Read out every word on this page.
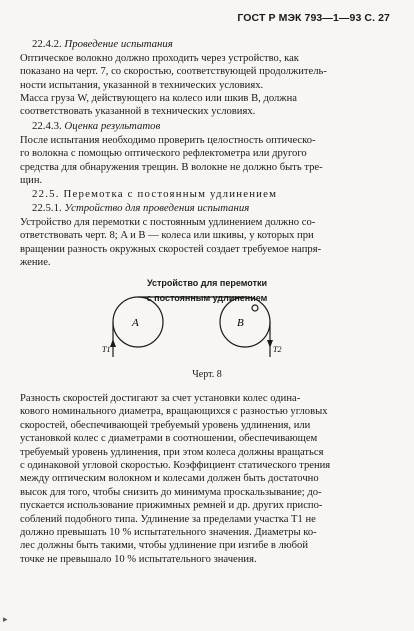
ГОСТ Р МЭК 793—1—93 С. 27

22.4.2. Проведение испытания

Оптическое волокно должно проходить через устройство, как
показано на черт. 7, со скоростью, соответствующей продолжитель-
ности испытания, указанной в технических условиях.

Масса груза W, действующего на колесо или шкив B, должна
соответствовать указанной в технических условиях.

22.4.3. Оценка результатов

После испытания необходимо проверить целостность оптическо-
го волокна с помощью оптического рефлектометра или другого
средства для обнаружения трещин. В волокне не должно быть тре-
щин.

22.5. Перемотка с постоянным удлинением

22.5.1. Устройство для проведения испытания

Устройство для перемотки с постоянным удлинением должно со-
ответствовать черт. 8; A и B — колеса или шкивы, у которых при
вращении разность окружных скоростей создает требуемое напря-
жение.

Устройство для перемотки
с постоянным удлинением
A	B
T1	T2
Черт. 8

Разность скоростей достигают за счет установки колес одина-
кового номинального диаметра, вращающихся с разностью угловых
скоростей, обеспечивающей требуемый уровень удлинения, или
установкой колес с диаметрами в соотношении, обеспечивающем
требуемый уровень удлинения, при этом колеса должны вращаться
с одинаковой угловой скоростью. Коэффициент статического трения
между оптическим волокном и колесами должен быть достаточно
высок для того, чтобы снизить до минимума проскальзывание; до-
пускается использование прижимных ремней и др. других приспо-
соблений подобного типа. Удлинение за пределами участка T1 не
должно превышать 10 % испытательного значения. Диаметры ко-
лес должны быть такими, чтобы удлинение при изгибе в любой
точке не превышало 10 % испытательного значения.

▸
